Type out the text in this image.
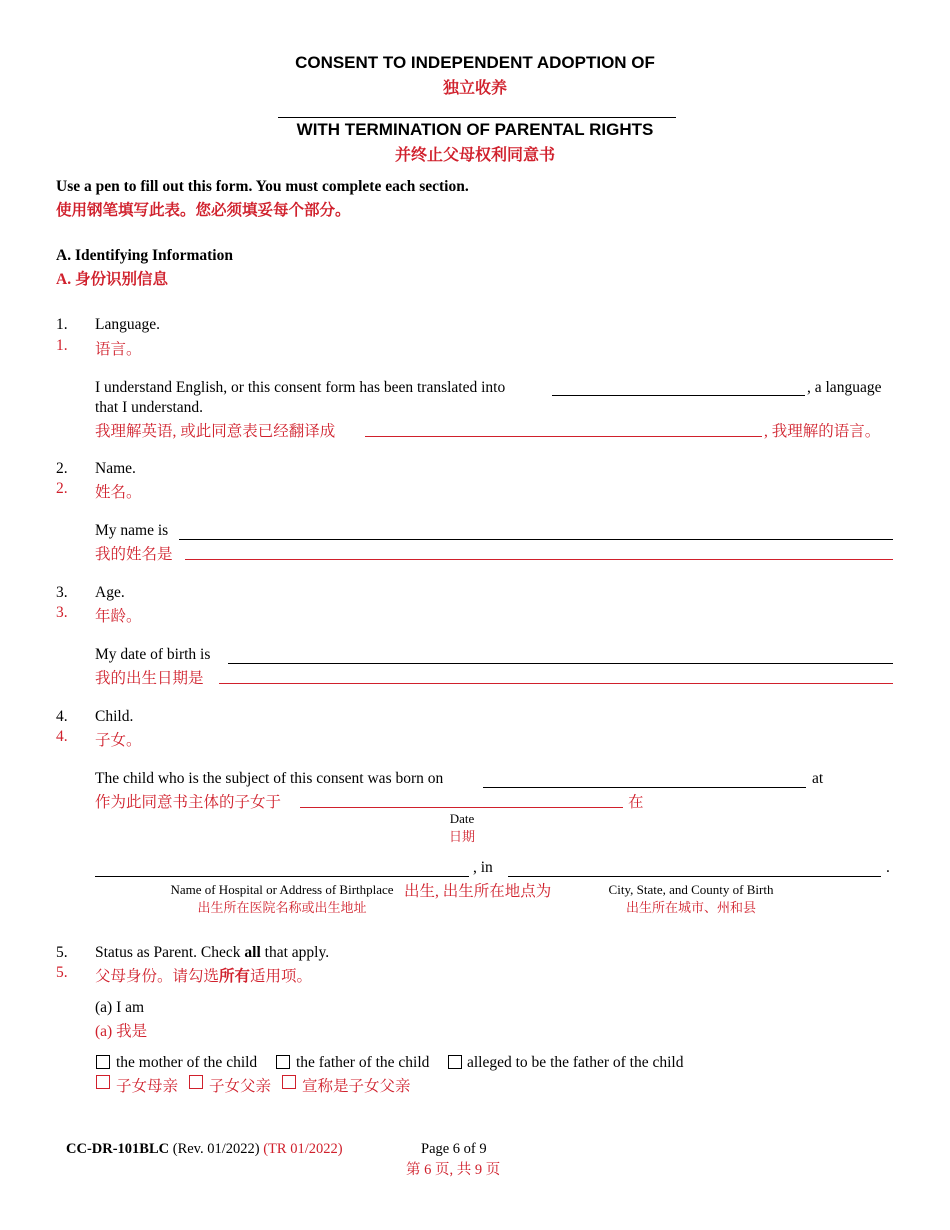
CONSENT TO INDEPENDENT ADOPTION OF
独立收养
WITH TERMINATION OF PARENTAL RIGHTS
并终止父母权利同意书
Use a pen to fill out this form. You must complete each section.
使用钢笔填写此表。您必须填妥每个部分。
A. Identifying Information
A. 身份识别信息
1. Language.
1. 语言。
I understand English, or this consent form has been translated into	, a language
that I understand.
我理解英语, 或此同意表已经翻译成	, 我理解的语言。
2. Name.
2. 姓名。
My name is
我的姓名是
3. Age.
3. 年龄。
My date of birth is
我的出生日期是
4. Child.
4. 子女。
The child who is the subject of this consent was born on	at
作为此同意书主体的子女于	在
Date
日期
, in	.
Name of Hospital or Address of Birthplace
出生所在医院名称或出生地址
出生, 出生所在地点为	City, State, and County of Birth
出生所在城市、州和县
5. Status as Parent. Check all that apply.
5. 父母身份。请勾选所有适用项。
(a) I am
(a) 我是
the mother of the child	the father of the child alleged to be the father of the child
子女母亲 子女父亲 宣称是子女父亲
CC-DR-101BLC (Rev. 01/2022) (TR 01/2022)	Page 6 of 9
第 6 页, 共 9 页
